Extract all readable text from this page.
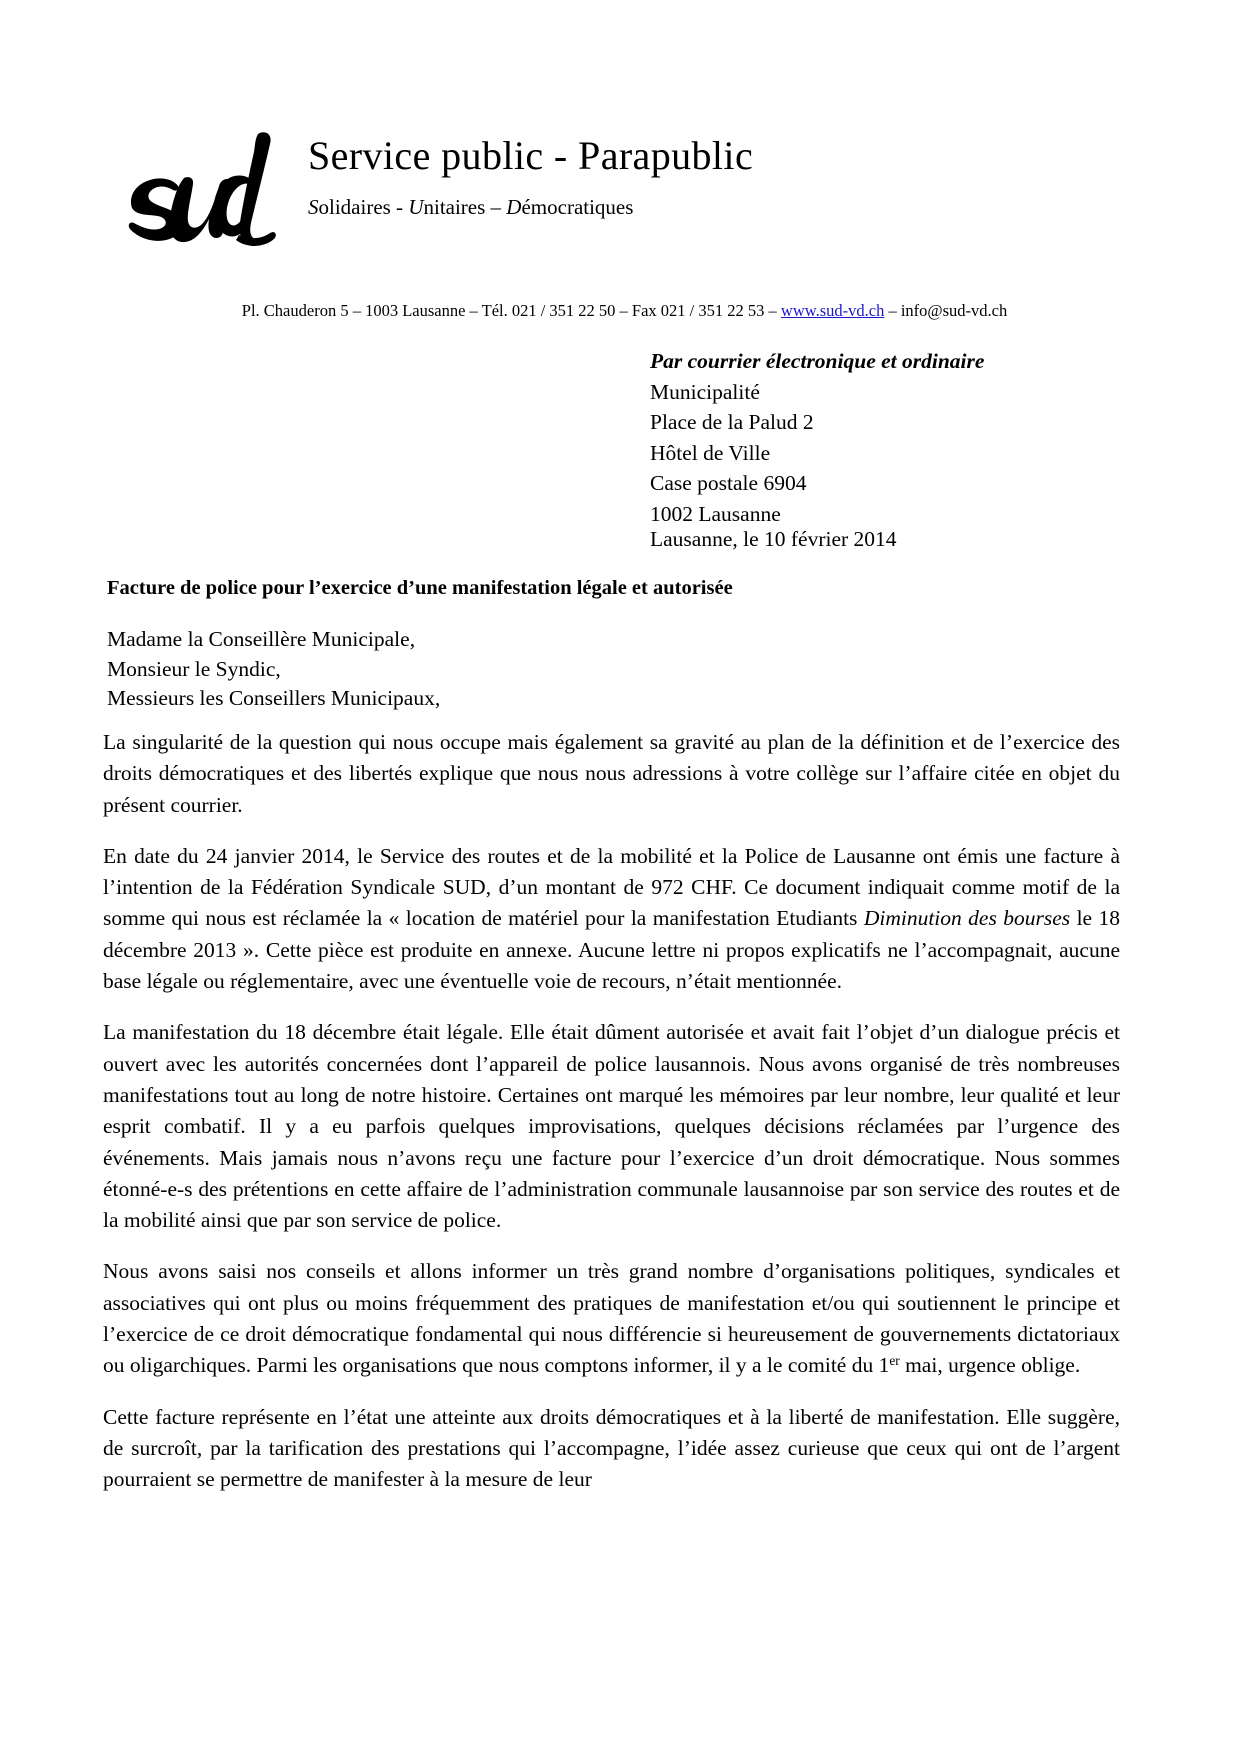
Service public - Parapublic
Solidaires - Unitaires – Démocratiques
Pl. Chauderon 5 – 1003 Lausanne – Tél. 021 / 351 22 50 – Fax 021 / 351 22 53 – www.sud-vd.ch – info@sud-vd.ch
Par courrier électronique et ordinaire
Municipalité
Place de la Palud 2
Hôtel de Ville
Case postale 6904
1002 Lausanne
Lausanne, le 10 février 2014
Facture de police pour l’exercice d’une manifestation légale et autorisée
Madame la Conseillère Municipale,
Monsieur le Syndic,
Messieurs les Conseillers Municipaux,

La singularité de la question qui nous occupe mais également sa gravité au plan de la définition et de l’exercice des droits démocratiques et des libertés explique que nous nous adressions à votre collège sur l’affaire citée en objet du présent courrier.

En date du 24 janvier 2014, le Service des routes et de la mobilité et la Police de Lausanne ont émis une facture à l’intention de la Fédération Syndicale SUD, d’un montant de 972 CHF. Ce document indiquait comme motif de la somme qui nous est réclamée la « location de matériel pour la manifestation Etudiants Diminution des bourses le 18 décembre 2013 ». Cette pièce est produite en annexe. Aucune lettre ni propos explicatifs ne l’accompagnait, aucune base légale ou réglementaire, avec une éventuelle voie de recours, n’était mentionnée.

La manifestation du 18 décembre était légale. Elle était dûment autorisée et avait fait l’objet d’un dialogue précis et ouvert avec les autorités concernées dont l’appareil de police lausannois. Nous avons organisé de très nombreuses manifestations tout au long de notre histoire. Certaines ont marqué les mémoires par leur nombre, leur qualité et leur esprit combatif. Il y a eu parfois quelques improvisations, quelques décisions réclamées par l’urgence des événements. Mais jamais nous n’avons reçu une facture pour l’exercice d’un droit démocratique. Nous sommes étonné-e-s des prétentions en cette affaire de l’administration communale lausannoise par son service des routes et de la mobilité ainsi que par son service de police.

Nous avons saisi nos conseils et allons informer un très grand nombre d’organisations politiques, syndicales et associatives qui ont plus ou moins fréquemment des pratiques de manifestation et/ou qui soutiennent le principe et l’exercice de ce droit démocratique fondamental qui nous différencie si heureusement de gouvernements dictatoriaux ou oligarchiques. Parmi les organisations que nous comptons informer, il y a le comité du 1er mai, urgence oblige.

Cette facture représente en l’état une atteinte aux droits démocratiques et à la liberté de manifestation. Elle suggère, de surcroît, par la tarification des prestations qui l’accompagne, l’idée assez curieuse que ceux qui ont de l’argent pourraient se permettre de manifester à la mesure de leur
